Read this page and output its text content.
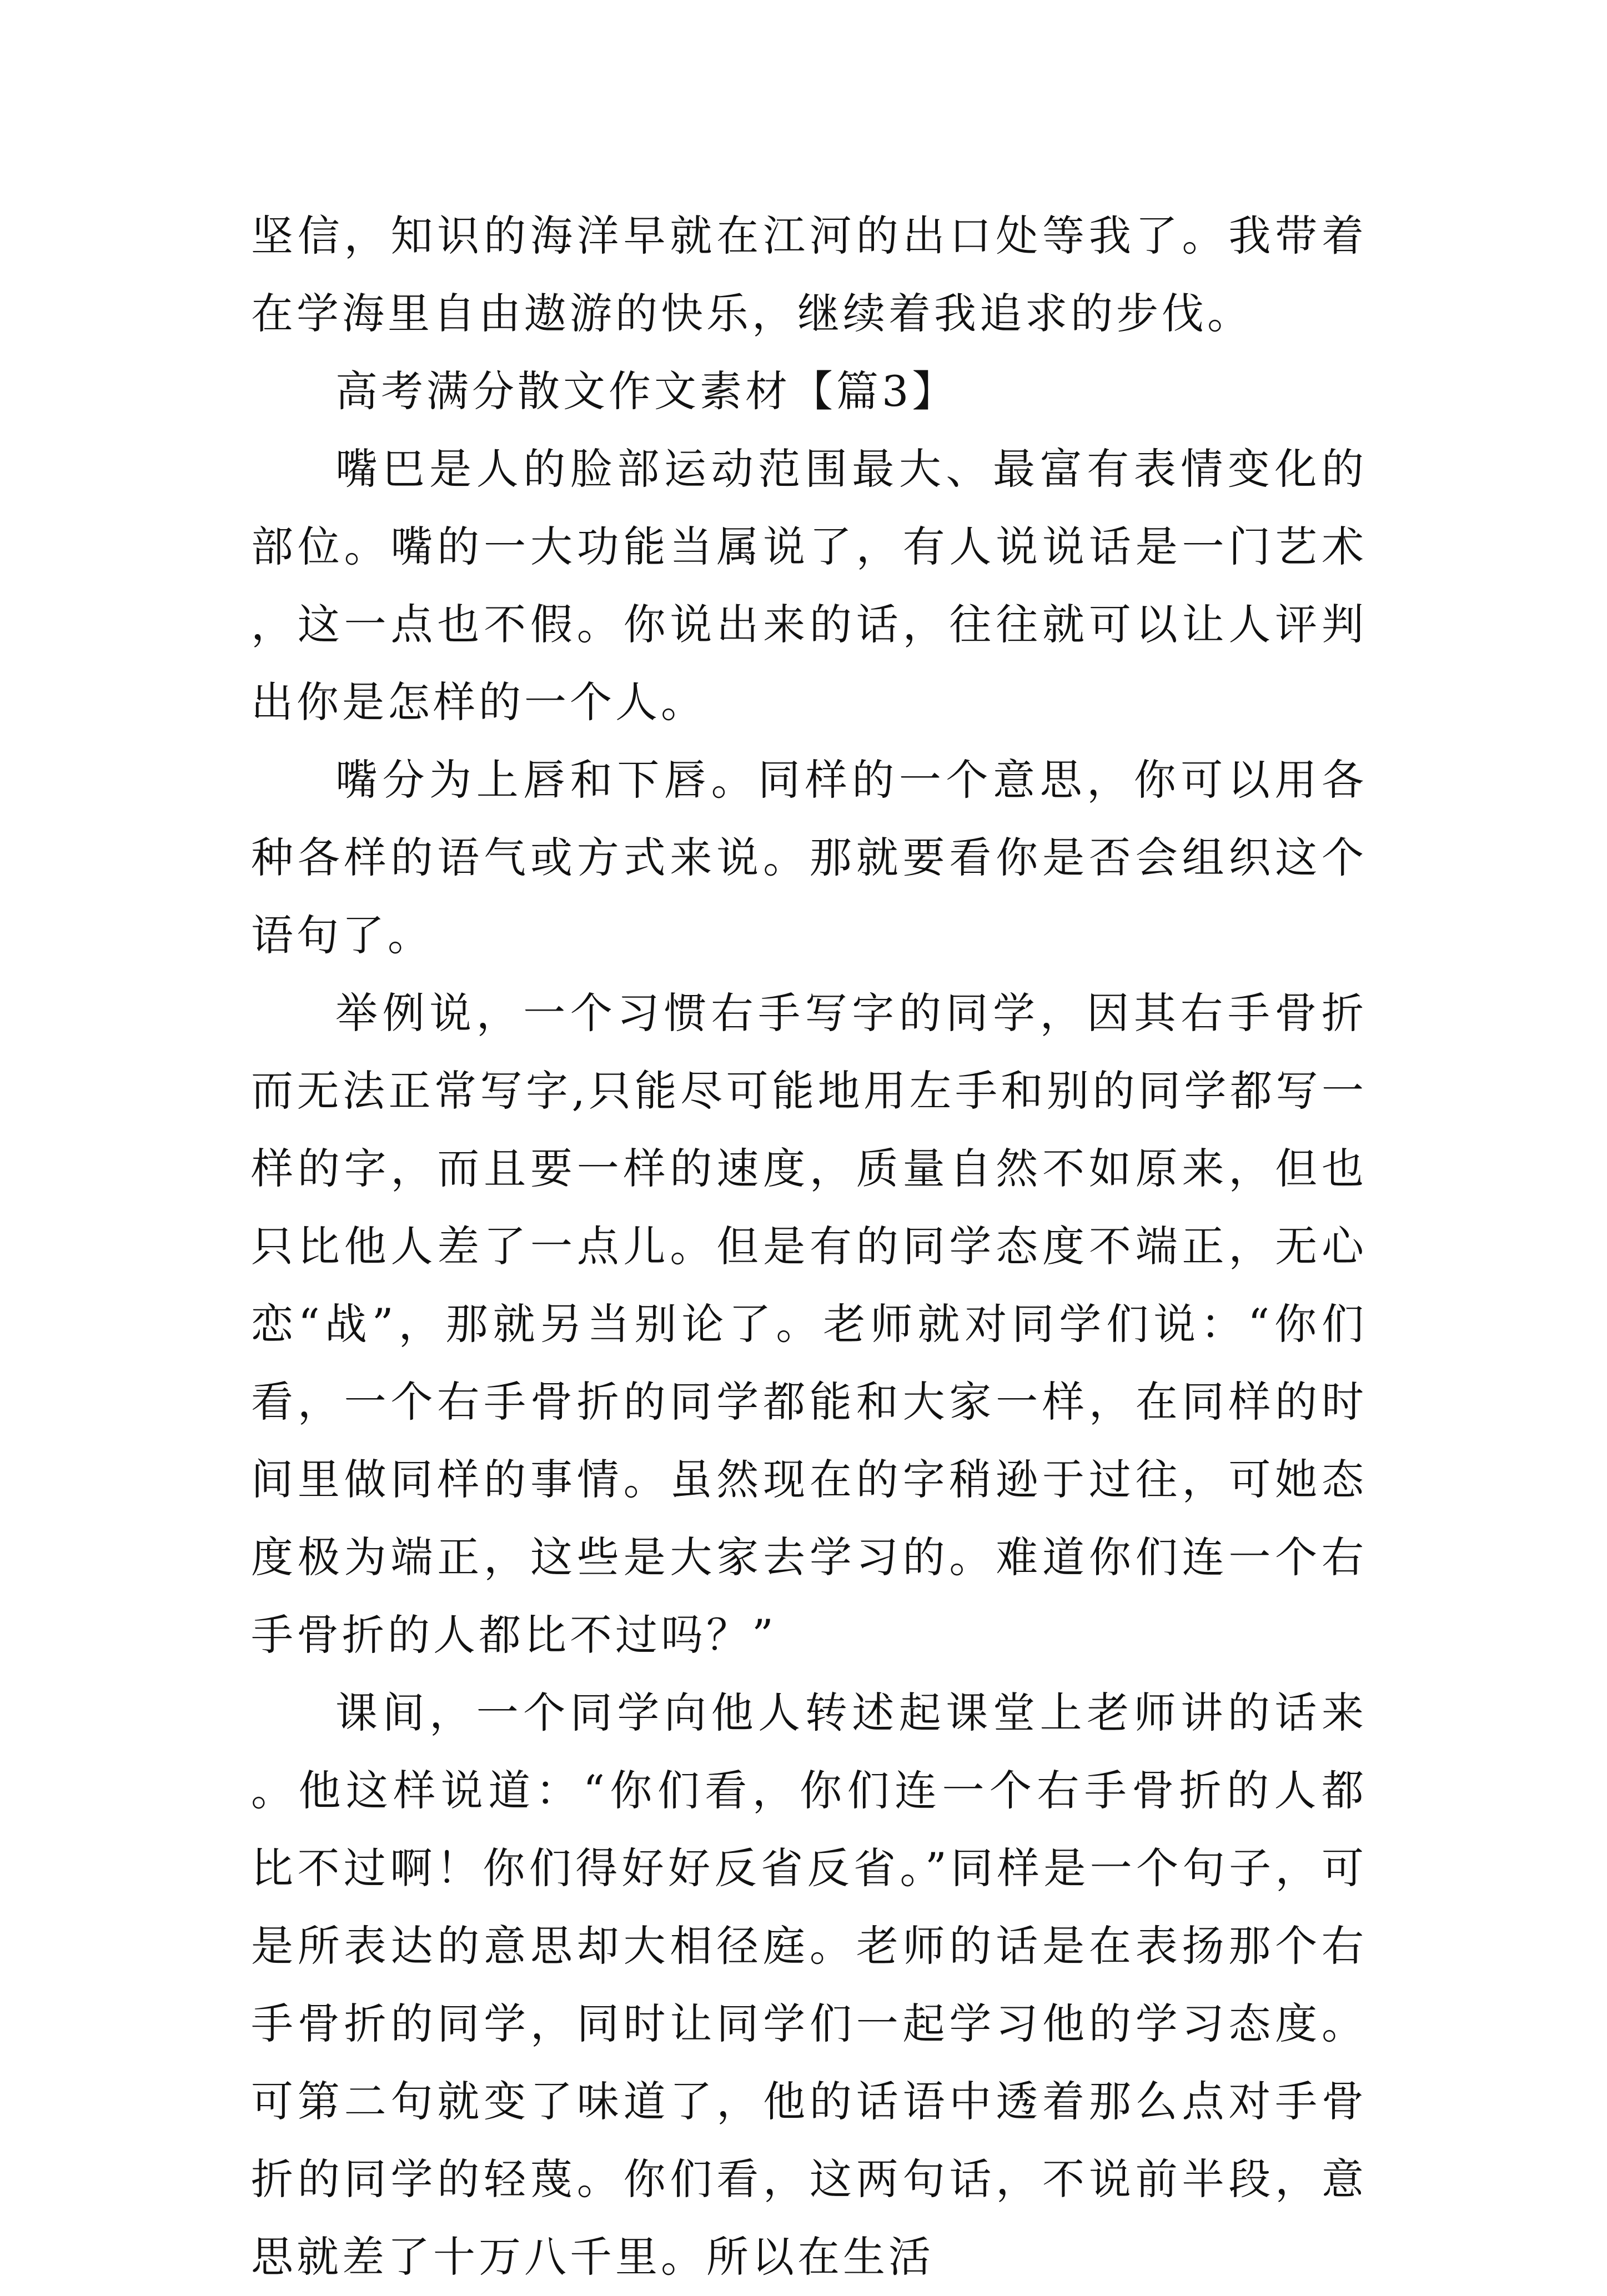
坚信，知识的海洋早就在江河的出口处等我了。我带着在学海里自由遨游的快乐，继续着我追求的步伐。

高考满分散文作文素材【篇3】

嘴巴是人的脸部运动范围最大、最富有表情变化的部位。嘴的一大功能当属说了，有人说说话是一门艺术，这一点也不假。你说出来的话，往往就可以让人评判出你是怎样的一个人。

嘴分为上唇和下唇。同样的一个意思，你可以用各种各样的语气或方式来说。那就要看你是否会组织这个语句了。

举例说，一个习惯右手写字的同学，因其右手骨折而无法正常写字,只能尽可能地用左手和别的同学都写一样的字，而且要一样的速度，质量自然不如原来，但也只比他人差了一点儿。但是有的同学态度不端正，无心恋“战”，那就另当别论了。老师就对同学们说：“你们看，一个右手骨折的同学都能和大家一样，在同样的时间里做同样的事情。虽然现在的字稍逊于过往，可她态度极为端正，这些是大家去学习的。难道你们连一个右手骨折的人都比不过吗？”

课间，一个同学向他人转述起课堂上老师讲的话来。他这样说道：“你们看，你们连一个右手骨折的人都比不过啊！你们得好好反省反省。”同样是一个句子，可是所表达的意思却大相径庭。老师的话是在表扬那个右手骨折的同学，同时让同学们一起学习他的学习态度。可第二句就变了味道了，他的话语中透着那么点对手骨折的同学的轻蔑。你们看，这两句话，不说前半段，意思就差了十万八千里。所以在生活
